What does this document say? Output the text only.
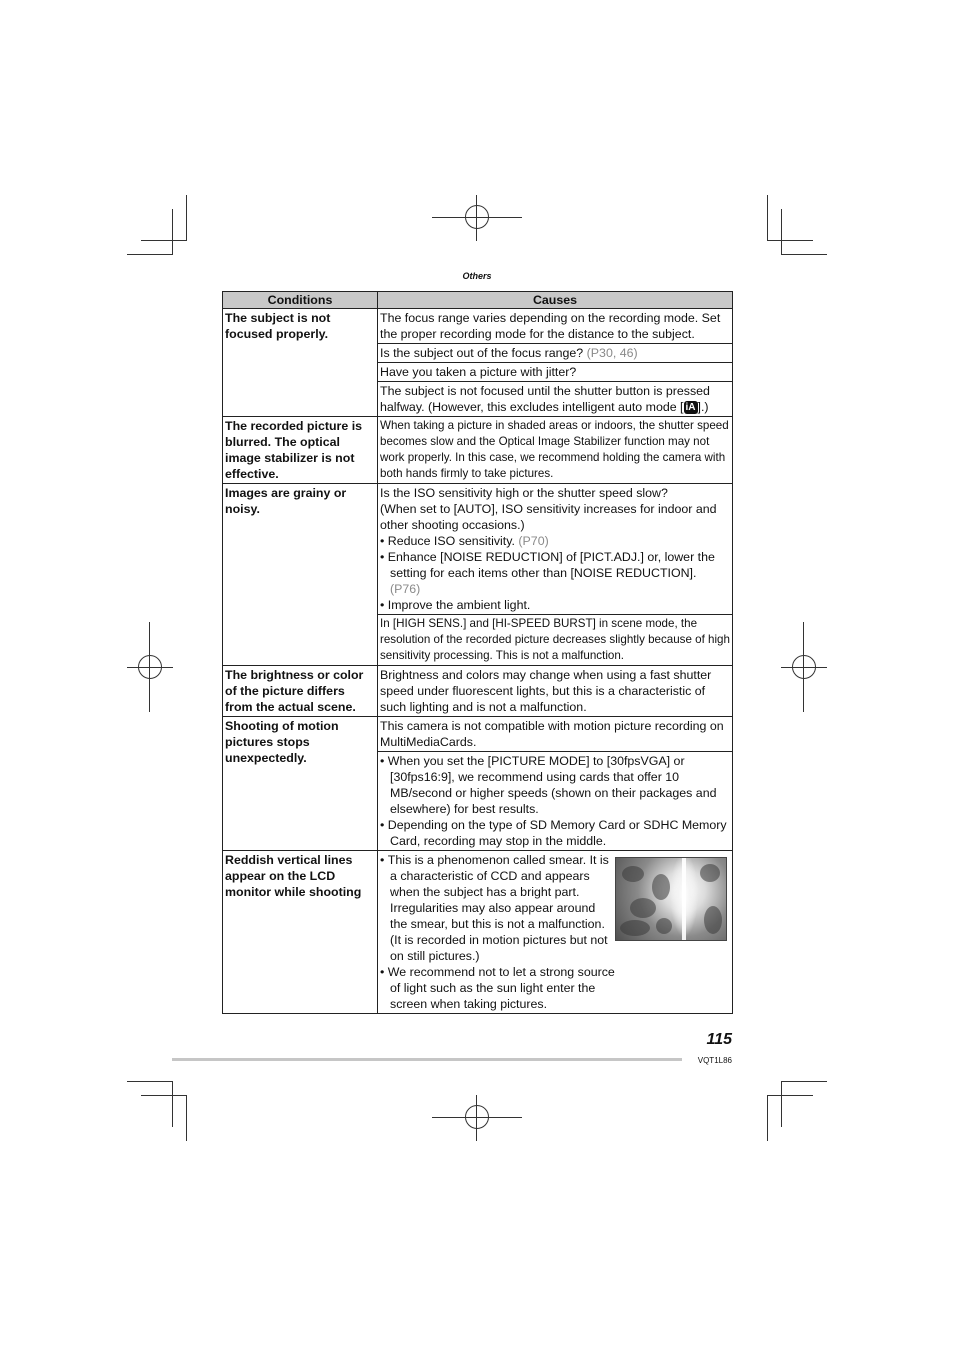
Others
Conditions	Causes
The subject is not focused properly.	The focus range varies depending on the recording mode. Set the proper recording mode for the distance to the subject.
	Is the subject out of the focus range? (P30, 46)
	Have you taken a picture with jitter?
	The subject is not focused until the shutter button is pressed halfway. (However, this excludes intelligent auto mode [ iA ].)
The recorded picture is blurred. The optical image stabilizer is not effective.	When taking a picture in shaded areas or indoors, the shutter speed becomes slow and the Optical Image Stabilizer function may not work properly. In this case, we recommend holding the camera with both hands firmly to take pictures.
Images are grainy or noisy.	Is the ISO sensitivity high or the shutter speed slow?
(When set to [AUTO], ISO sensitivity increases for indoor and other shooting occasions.)
• Reduce ISO sensitivity. (P70)
• Enhance [NOISE REDUCTION] of [PICT.ADJ.] or, lower the setting for each items other than [NOISE REDUCTION]. (P76)
• Improve the ambient light.

	In [HIGH SENS.] and [HI-SPEED BURST] in scene mode, the resolution of the recorded picture decreases slightly because of high sensitivity processing. This is not a malfunction.
The brightness or color of the picture differs from the actual scene.	Brightness and colors may change when using a fast shutter speed under fluorescent lights, but this is a characteristic of such lighting and is not a malfunction.
Shooting of motion pictures stops unexpectedly.	This camera is not compatible with motion picture recording on MultiMediaCards.

	• When you set the [PICTURE MODE] to [30fpsVGA] or [30fps16:9], we recommend using cards that offer 10 MB/second or higher speeds (shown on their packages and elsewhere) for best results.
• Depending on the type of SD Memory Card or SDHC Memory Card, recording may stop in the middle.

Reddish vertical lines appear on the LCD monitor while shooting	• This is a phenomenon called smear. It is a characteristic of CCD and appears when the subject has a bright part. Irregularities may also appear around the smear, but this is not a malfunction. (It is recorded in motion pictures but not on still pictures.)
• We recommend not to let a strong source of light such as the sun light enter the screen when taking pictures.
115
VQT1L86
